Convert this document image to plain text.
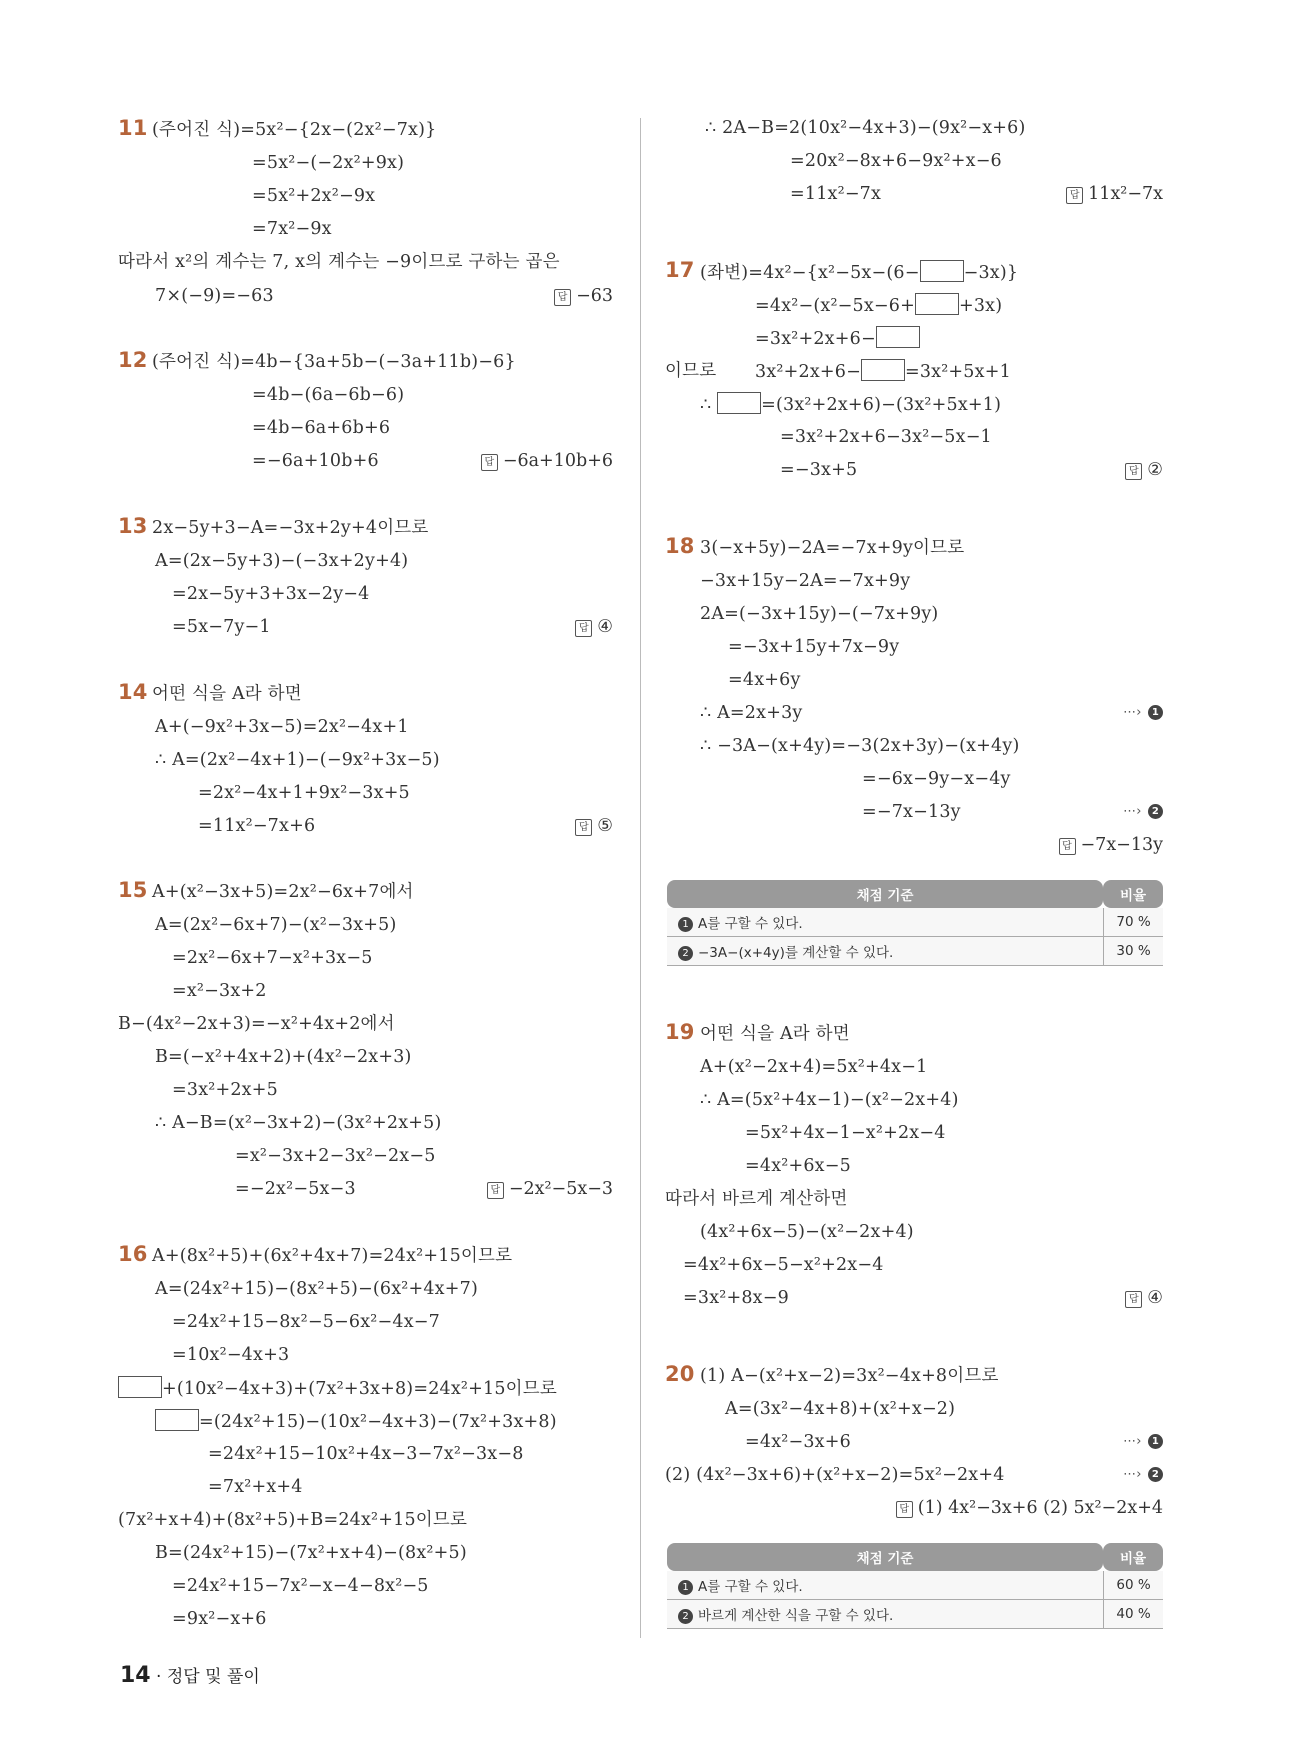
(주어진 식)=5x²−{2x−(2x²−7x)}
11
=5x²−(−2x²+9x)
=5x²+2x²−9x
=7x²−9x
따라서 x²의 계수는 7, x의 계수는 −9이므로 구하는 곱은
7×(−9)=−63	답 −63
(주어진 식)=4b−{3a+5b−(−3a+11b)−6}
12
=4b−(6a−6b−6)
=4b−6a+6b+6
=−6a+10b+6	답 −6a+10b+6
2x−5y+3−A=−3x+2y+4이므로
13
A=(2x−5y+3)−(−3x+2y+4)
=2x−5y+3+3x−2y−4
=5x−7y−1	답 ④
어떤 식을 A라 하면
14
A+(−9x²+3x−5)=2x²−4x+1
∴ A=(2x²−4x+1)−(−9x²+3x−5)
=2x²−4x+1+9x²−3x+5
=11x²−7x+6	답 ⑤
A+(x²−3x+5)=2x²−6x+7에서
15
A=(2x²−6x+7)−(x²−3x+5)
=2x²−6x+7−x²+3x−5
=x²−3x+2
B−(4x²−2x+3)=−x²+4x+2에서
B=(−x²+4x+2)+(4x²−2x+3)
=3x²+2x+5
∴ A−B=(x²−3x+2)−(3x²+2x+5)
=x²−3x+2−3x²−2x−5
=−2x²−5x−3	답 −2x²−5x−3
A+(8x²+5)+(6x²+4x+7)=24x²+15이므로
16
A=(24x²+15)−(8x²+5)−(6x²+4x+7)
=24x²+15−8x²−5−6x²−4x−7
=10x²−4x+3
+(10x²−4x+3)+(7x²+3x+8)=24x²+15이므로
=(24x²+15)−(10x²−4x+3)−(7x²+3x+8)
=24x²+15−10x²+4x−3−7x²−3x−8
=7x²+x+4
(7x²+x+4)+(8x²+5)+B=24x²+15이므로
B=(24x²+15)−(7x²+x+4)−(8x²+5)
=24x²+15−7x²−x−4−8x²−5
=9x²−x+6
∴ 2A−B=2(10x²−4x+3)−(9x²−x+6)
=20x²−8x+6−9x²+x−6
=11x²−7x	답 11x²−7x
(좌변)=4x²−{x²−5x−(6−	−3x)}
17
=4x²−(x²−5x−6+	+3x)
=3x²+2x+6−
이므로 3x²+2x+6−	=3x²+5x+1
∴	=(3x²+2x+6)−(3x²+5x+1)
=3x²+2x+6−3x²−5x−1
=−3x+5	답 ②
3(−x+5y)−2A=−7x+9y이므로
18
−3x+15y−2A=−7x+9y
2A=(−3x+15y)−(−7x+9y)
=−3x+15y+7x−9y
=4x+6y
∴ A=2x+3y
∴ −3A−(x+4y)=−3(2x+3y)−(x+4y)
=−6x−9y−x−4y
=−7x−13y
답 −7x−13y
⋯› 1
⋯› 2
채점 기준	비율
1 A를 구할 수 있다.	70 %
2 −3A−(x+4y)를 계산할 수 있다.	30 %
어떤 식을 A라 하면
19
A+(x²−2x+4)=5x²+4x−1
∴ A=(5x²+4x−1)−(x²−2x+4)
=5x²+4x−1−x²+2x−4
=4x²+6x−5
따라서 바르게 계산하면
(4x²+6x−5)−(x²−2x+4)
=4x²+6x−5−x²+2x−4
=3x²+8x−9	답 ④
(1) A−(x²+x−2)=3x²−4x+8이므로
20
A=(3x²−4x+8)+(x²+x−2)
=4x²−3x+6
(2) (4x²−3x+6)+(x²+x−2)=5x²−2x+4
답 (1) 4x²−3x+6 (2) 5x²−2x+4
⋯› 1
⋯› 2
채점 기준	비율
1 A를 구할 수 있다.	60 %
2 바르게 계산한 식을 구할 수 있다.	40 %
14 · 정답 및 풀이
